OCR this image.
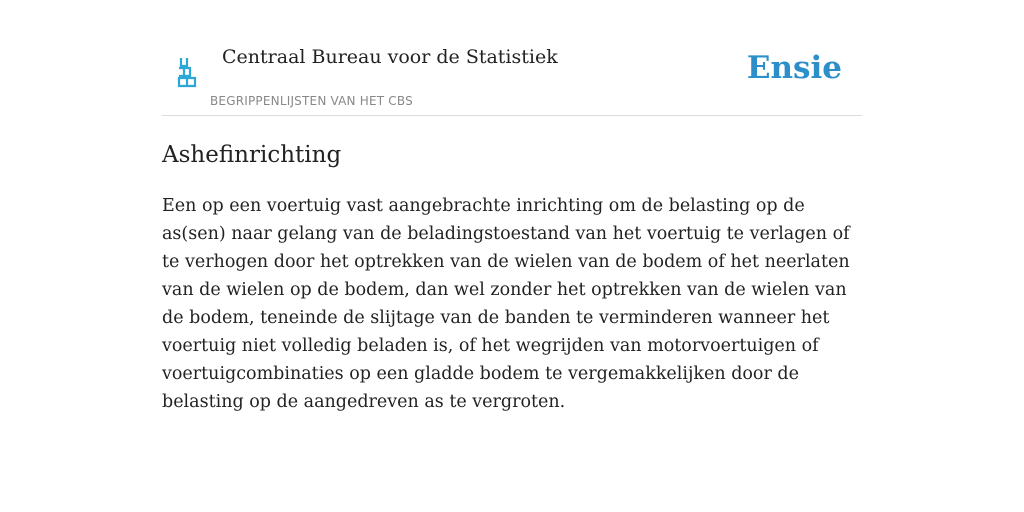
Centraal Bureau voor de Statistiek
BEGRIPPENLIJSTEN VAN HET CBS
Ensie
Ashefinrichting

Een op een voertuig vast aangebrachte inrichting om de belasting op de as(sen) naar gelang van de beladingstoestand van het voertuig te verlagen of te verhogen door het optrekken van de wielen van de bodem of het neerlaten van de wielen op de bodem, dan wel zonder het optrekken van de wielen van de bodem, teneinde de slijtage van de banden te verminderen wanneer het voertuig niet volledig beladen is, of het wegrijden van motorvoertuigen of voertuigcombinaties op een gladde bodem te vergemakkelijken door de belasting op de aangedreven as te vergroten.
